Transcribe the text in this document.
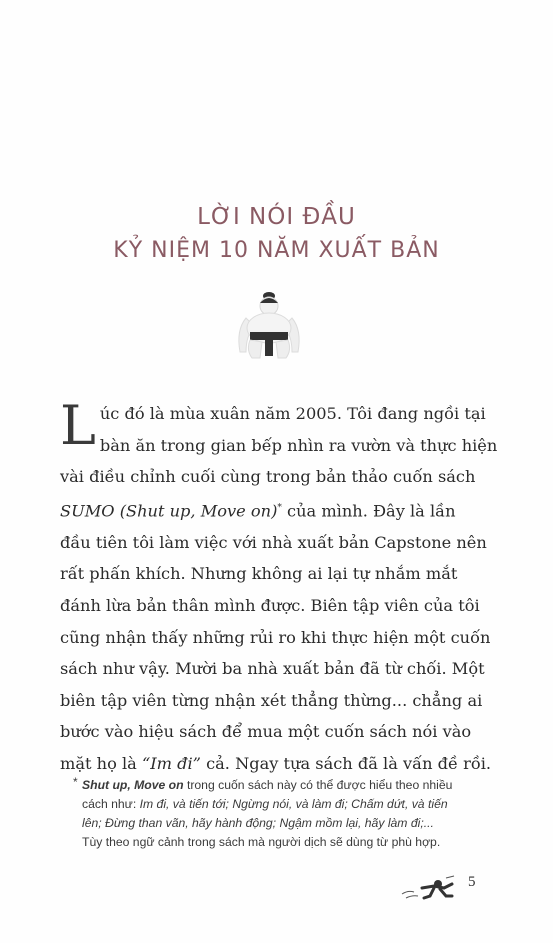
LỜI NÓI ĐẦU
KỶ NIỆM 10 NĂM XUẤT BẢN
L úc đó là mùa xuân năm 2005. Tôi đang ngồi tại
bàn ăn trong gian bếp nhìn ra vườn và thực hiện
vài điều chỉnh cuối cùng trong bản thảo cuốn sách
SUMO (Shut up, Move on)* của mình. Đây là lần
đầu tiên tôi làm việc với nhà xuất bản Capstone nên
rất phấn khích. Nhưng không ai lại tự nhắm mắt
đánh lừa bản thân mình được. Biên tập viên của tôi
cũng nhận thấy những rủi ro khi thực hiện một cuốn
sách như vậy. Mười ba nhà xuất bản đã từ chối. Một
biên tập viên từng nhận xét thẳng thừng... chẳng ai
bước vào hiệu sách để mua một cuốn sách nói vào
mặt họ là “Im đi” cả. Ngay tựa sách đã là vấn đề rồi.
* Shut up, Move on trong cuốn sách này có thể được hiểu theo nhiều
cách như: Im đi, và tiến tới; Ngừng nói, và làm đi; Chấm dứt, và tiến
lên; Đừng than vãn, hãy hành động; Ngậm mồm lại, hãy làm đi;...
Tùy theo ngữ cảnh trong sách mà người dịch sẽ dùng từ phù hợp.
5
